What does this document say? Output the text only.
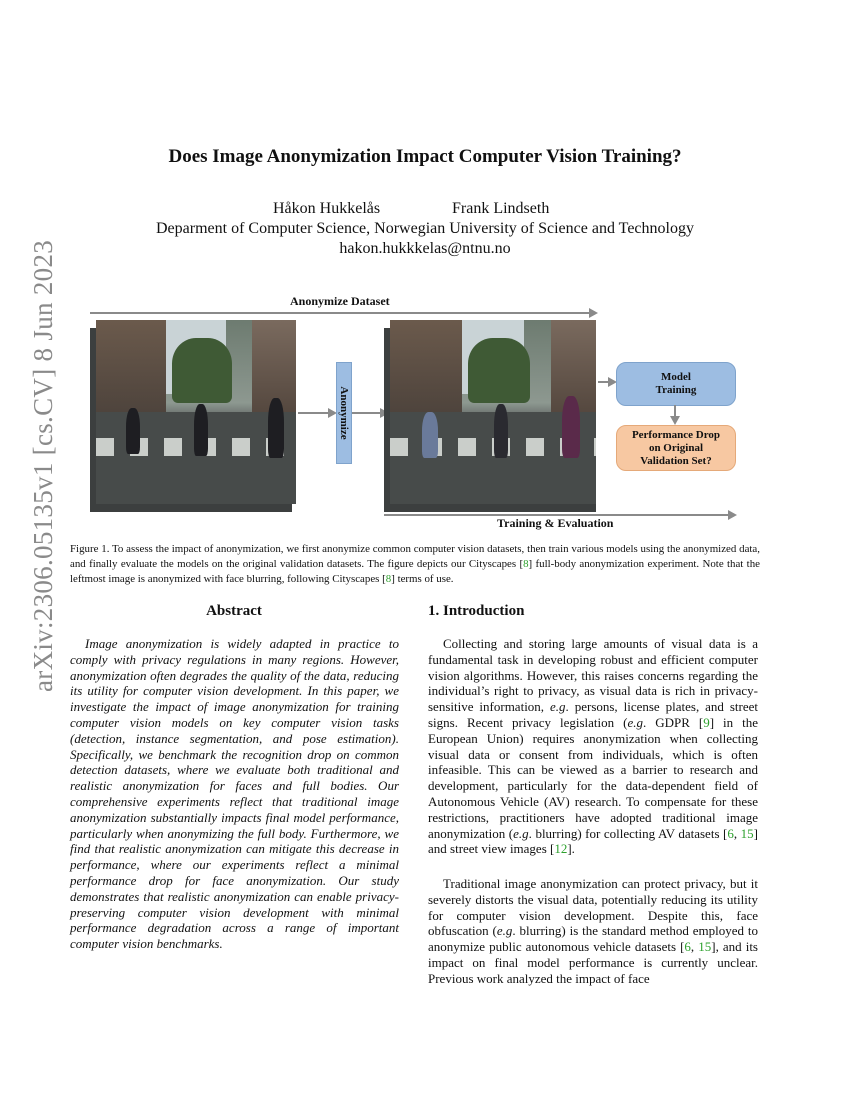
arXiv:2306.05135v1 [cs.CV] 8 Jun 2023
Does Image Anonymization Impact Computer Vision Training?
Håkon Hukkelås	Frank Lindseth
Deparment of Computer Science, Norwegian University of Science and Technology
hakon.hukkkelas@ntnu.no
Anonymize Dataset
Anonymize
Model
Training
Performance Drop
on Original
Validation Set?
Training & Evaluation
Figure 1. To assess the impact of anonymization, we first anonymize common computer vision datasets, then train various models using the anonymized data, and finally evaluate the models on the original validation datasets. The figure depicts our Cityscapes [8] full-body anonymization experiment. Note that the leftmost image is anonymized with face blurring, following Cityscapes [8] terms of use.
Abstract
Image anonymization is widely adapted in practice to comply with privacy regulations in many regions. However, anonymization often degrades the quality of the data, reducing its utility for computer vision development. In this paper, we investigate the impact of image anonymization for training computer vision models on key computer vision tasks (detection, instance segmentation, and pose estimation). Specifically, we benchmark the recognition drop on common detection datasets, where we evaluate both traditional and realistic anonymization for faces and full bodies. Our comprehensive experiments reflect that traditional image anonymization substantially impacts final model performance, particularly when anonymizing the full body. Furthermore, we find that realistic anonymization can mitigate this decrease in performance, where our experiments reflect a minimal performance drop for face anonymization. Our study demonstrates that realistic anonymization can enable privacy-preserving computer vision development with minimal performance degradation across a range of important computer vision benchmarks.
1. Introduction
Collecting and storing large amounts of visual data is a fundamental task in developing robust and efficient computer vision algorithms. However, this raises concerns regarding the individual’s right to privacy, as visual data is rich in privacy-sensitive information, e.g. persons, license plates, and street signs. Recent privacy legislation (e.g. GDPR [9] in the European Union) requires anonymization when collecting visual data or consent from individuals, which is often infeasible. This can be viewed as a barrier to research and development, particularly for the data-dependent field of Autonomous Vehicle (AV) research. To compensate for these restrictions, practitioners have adopted traditional image anonymization (e.g. blurring) for collecting AV datasets [6, 15] and street view images [12].
Traditional image anonymization can protect privacy, but it severely distorts the visual data, potentially reducing its utility for computer vision development. Despite this, face obfuscation (e.g. blurring) is the standard method employed to anonymize public autonomous vehicle datasets [6, 15], and its impact on final model performance is currently unclear. Previous work analyzed the impact of face
